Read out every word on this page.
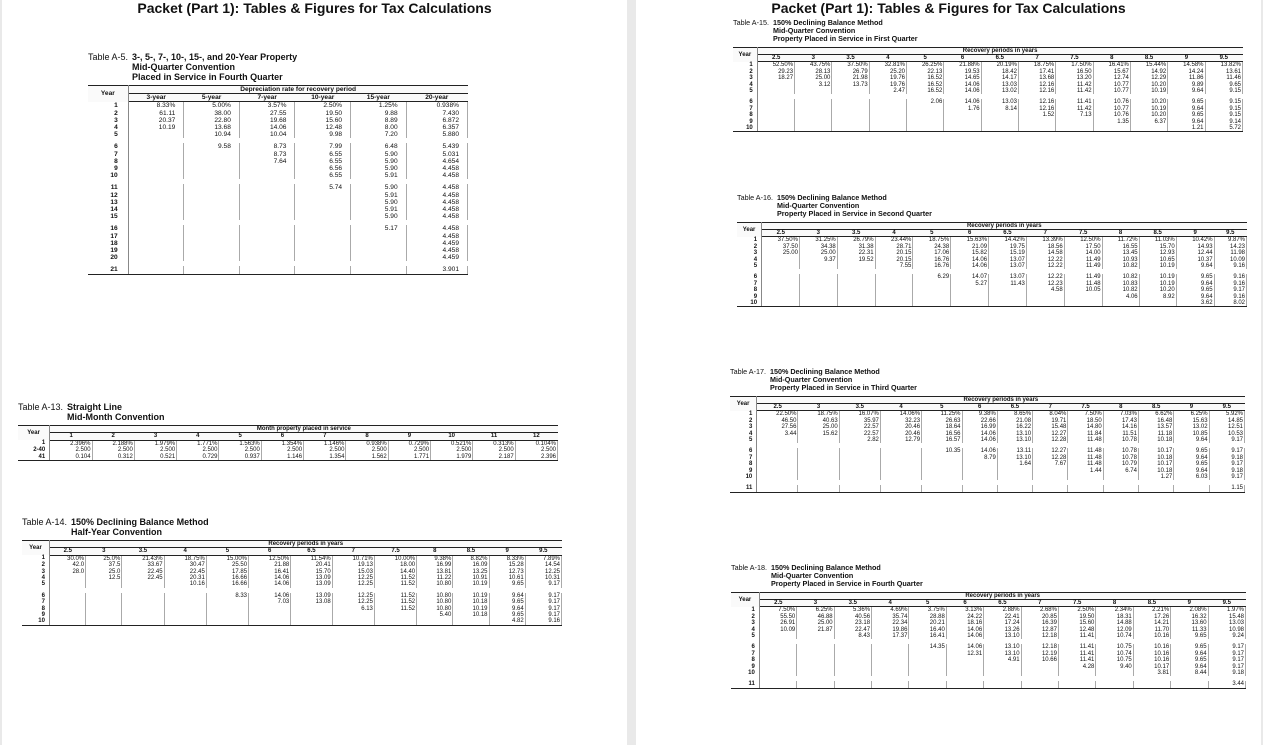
Packet (Part 1): Tables & Figures for Tax Calculations
Table A-5. 3-, 5-, 7-, 10-, 15-, and 20-Year Property
Mid-Quarter Convention
Placed in Service in Fourth Quarter
Year	Depreciation rate for recovery period					
	3-year	5-year	7-year	10-year	15-year	20-year
1	8.33%	5.00%	3.57%	2.50%	1.25%	0.938%
2	61.11	38.00	27.55	19.50	9.88	7.430
3	20.37	22.80	19.68	15.60	8.89	6.872
4	10.19	13.68	14.06	12.48	8.00	6.357
5		10.94	10.04	9.98	7.20	5.880

6		9.58	8.73	7.99	6.48	5.439
7			8.73	6.55	5.90	5.031
8			7.64	6.55	5.90	4.654
9				6.56	5.90	4.458
10				6.55	5.91	4.458

11				5.74	5.90	4.458
12					5.91	4.458
13					5.90	4.458
14					5.91	4.458
15					5.90	4.458

16					5.17	4.458
17						4.458
18						4.459
19						4.458
20						4.459

21						3.901
Table A-13. Straight Line
Mid-Month Convention
Year	Month property placed in service											
	1	2	3	4	5	6	7	8	9	10	11	12
1	2.396%	2.188%	1.979%	1.771%	1.563%	1.354%	1.146%	0.938%	0.729%	0.521%	0.313%	0.104%
2-40	2.500	2.500	2.500	2.500	2.500	2.500	2.500	2.500	2.500	2.500	2.500	2.500
41	0.104	0.312	0.521	0.729	0.937	1.146	1.354	1.562	1.771	1.979	2.187	2.396
Table A-14. 150% Declining Balance Method
Half-Year Convention
Year	Recovery periods in years												
	2.5	3	3.5	4	5	6	6.5	7	7.5	8	8.5	9	9.5
1	30.0%	25.0%	21.43%	18.75%	15.00%	12.50%	11.54%	10.71%	10.00%	9.38%	8.82%	8.33%	7.89%
2	42.0	37.5	33.67	30.47	25.50	21.88	20.41	19.13	18.00	16.99	16.09	15.28	14.54
3	28.0	25.0	22.45	22.45	17.85	16.41	15.70	15.03	14.40	13.81	13.25	12.73	12.25
4		12.5	22.45	20.31	16.66	14.06	13.09	12.25	11.52	11.22	10.91	10.61	10.31
5				10.16	16.66	14.06	13.09	12.25	11.52	10.80	10.19	9.65	9.17

6					8.33	14.06	13.09	12.25	11.52	10.80	10.19	9.64	9.17
7						7.03	13.08	12.25	11.52	10.80	10.18	9.65	9.17
8								6.13	11.52	10.80	10.19	9.64	9.17
9										5.40	10.18	9.65	9.17
10												4.82	9.16
Packet (Part 1): Tables & Figures for Tax Calculations
Table A-15. 150% Declining Balance Method
Mid-Quarter Convention
Property Placed in Service in First Quarter
Year	Recovery periods in years												
	2.5	3	3.5	4	5	6	6.5	7	7.5	8	8.5	9	9.5
1	52.50%	43.75%	37.50%	32.81%	26.25%	21.88%	20.19%	18.75%	17.50%	16.41%	15.44%	14.58%	13.82%
2	29.23	28.13	26.79	25.20	22.13	19.53	18.42	17.41	16.50	15.67	14.92	14.24	13.61
3	18.27	25.00	21.98	19.76	16.52	14.65	14.17	13.68	13.20	12.74	12.29	11.86	11.46
4		3.12	13.73	19.76	16.52	14.06	13.03	12.16	11.42	10.77	10.20	9.89	9.65
5				2.47	16.52	14.06	13.02	12.16	11.42	10.77	10.19	9.64	9.15

6					2.06	14.06	13.03	12.16	11.41	10.76	10.20	9.65	9.15
7						1.76	8.14	12.16	11.42	10.77	10.19	9.64	9.15
8								1.52	7.13	10.76	10.20	9.65	9.15
9										1.35	6.37	9.64	9.14
10												1.21	5.72
Table A-16. 150% Declining Balance Method
Mid-Quarter Convention
Property Placed in Service in Second Quarter
Year	Recovery periods in years												
	2.5	3	3.5	4	5	6	6.5	7	7.5	8	8.5	9	9.5
1	37.50%	31.25%	26.79%	23.44%	18.75%	15.63%	14.42%	13.39%	12.50%	11.72%	11.03%	10.42%	9.87%
2	37.50	34.38	31.38	28.71	24.38	21.09	19.75	18.56	17.50	16.55	15.70	14.93	14.23
3	25.00	25.00	22.31	20.15	17.06	15.82	15.19	14.58	14.00	13.45	12.93	12.44	11.98
4		9.37	19.52	20.15	16.76	14.06	13.07	12.22	11.49	10.93	10.65	10.37	10.09
5				7.55	16.76	14.06	13.07	12.22	11.49	10.82	10.19	9.64	9.16

6					6.29	14.07	13.07	12.22	11.49	10.82	10.19	9.65	9.16
7						5.27	11.43	12.23	11.48	10.83	10.19	9.64	9.16
8								4.58	10.05	10.82	10.20	9.65	9.17
9										4.06	8.92	9.64	9.16
10												3.62	8.02
Table A-17. 150% Declining Balance Method
Mid-Quarter Convention
Property Placed in Service in Third Quarter
Year	Recovery periods in years												
	2.5	3	3.5	4	5	6	6.5	7	7.5	8	8.5	9	9.5
1	22.50%	18.75%	16.07%	14.06%	11.25%	9.38%	8.65%	8.04%	7.50%	7.03%	6.62%	6.25%	5.92%
2	46.50	40.63	35.97	32.23	26.63	22.66	21.08	19.71	18.50	17.43	16.48	15.63	14.85
3	27.56	25.00	22.57	20.46	18.64	16.99	16.22	15.48	14.80	14.16	13.57	13.02	12.51
4	3.44	15.62	22.57	20.46	16.56	14.06	13.10	12.27	11.84	11.51	11.18	10.85	10.53
5			2.82	12.79	16.57	14.06	13.10	12.28	11.48	10.78	10.18	9.64	9.17

6					10.35	14.06	13.11	12.27	11.48	10.78	10.17	9.65	9.17
7						8.79	13.10	12.28	11.48	10.78	10.18	9.64	9.18
8							1.64	7.67	11.48	10.79	10.17	9.65	9.17
9									1.44	6.74	10.18	9.64	9.18
10											1.27	6.03	9.17

11													1.15
Table A-18. 150% Declining Balance Method
Mid-Quarter Convention
Property Placed in Service in Fourth Quarter
Year	Recovery periods in years												
	2.5	3	3.5	4	5	6	6.5	7	7.5	8	8.5	9	9.5
1	7.50%	6.25%	5.36%	4.69%	3.75%	3.13%	2.88%	2.68%	2.50%	2.34%	2.21%	2.08%	1.97%
2	55.50	46.88	40.56	35.74	28.88	24.22	22.41	20.85	19.50	18.31	17.26	16.32	15.48
3	26.91	25.00	23.18	22.34	20.21	18.16	17.24	16.39	15.60	14.88	14.21	13.60	13.03
4	10.09	21.87	22.47	19.86	16.40	14.06	13.26	12.87	12.48	12.09	11.70	11.33	10.98
5			8.43	17.37	16.41	14.06	13.10	12.18	11.41	10.74	10.16	9.65	9.24

6					14.35	14.06	13.10	12.18	11.41	10.75	10.16	9.65	9.17
7						12.31	13.10	12.19	11.41	10.74	10.16	9.64	9.17
8							4.91	10.66	11.41	10.75	10.16	9.65	9.17
9									4.28	9.40	10.17	9.64	9.17
10											3.81	8.44	9.18

11													3.44
